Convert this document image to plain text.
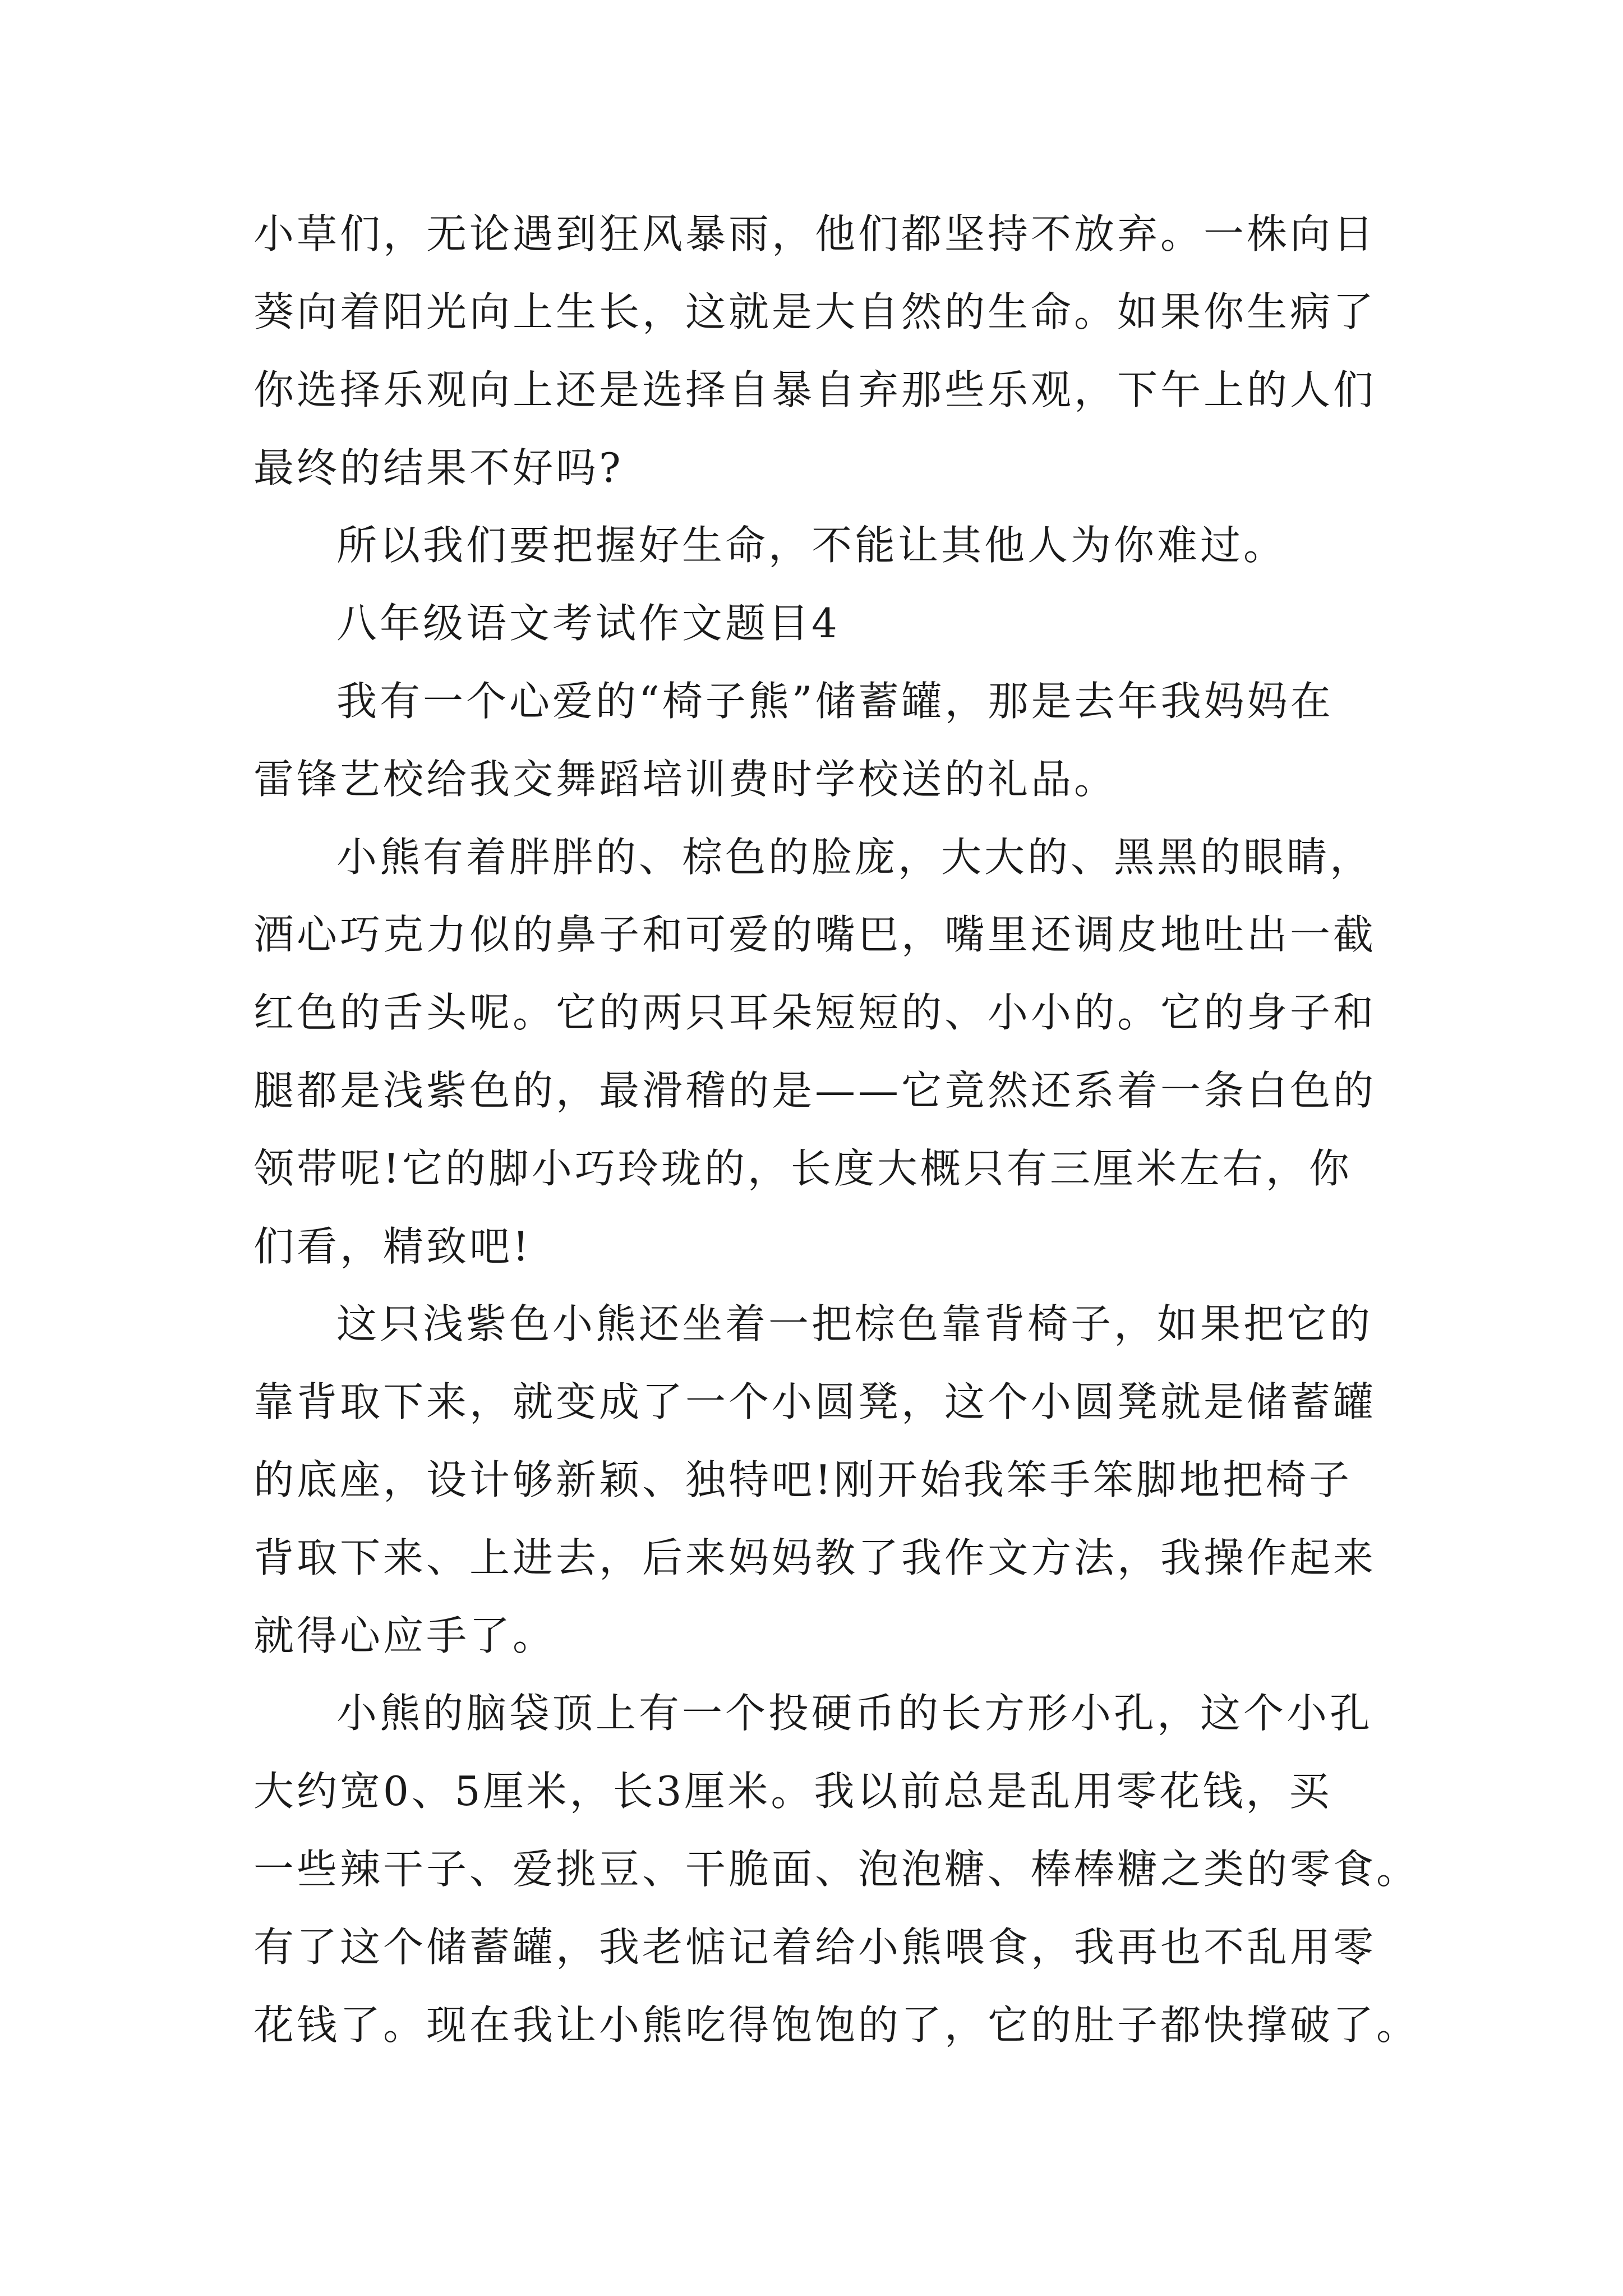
小草们，无论遇到狂风暴雨，他们都坚持不放弃。一株向日

葵向着阳光向上生长，这就是大自然的生命。如果你生病了

你选择乐观向上还是选择自暴自弃那些乐观，下午上的人们

最终的结果不好吗?

所以我们要把握好生命，不能让其他人为你难过。

八年级语文考试作文题目4

我有一个心爱的“椅子熊”储蓄罐，那是去年我妈妈在

雷锋艺校给我交舞蹈培训费时学校送的礼品。

小熊有着胖胖的、棕色的脸庞，大大的、黑黑的眼睛，

酒心巧克力似的鼻子和可爱的嘴巴，嘴里还调皮地吐出一截

红色的舌头呢。它的两只耳朵短短的、小小的。它的身子和

腿都是浅紫色的，最滑稽的是——它竟然还系着一条白色的

领带呢!它的脚小巧玲珑的，长度大概只有三厘米左右，你

们看，精致吧!

这只浅紫色小熊还坐着一把棕色靠背椅子，如果把它的

靠背取下来，就变成了一个小圆凳，这个小圆凳就是储蓄罐

的底座，设计够新颖、独特吧!刚开始我笨手笨脚地把椅子

背取下来、上进去，后来妈妈教了我作文方法，我操作起来

就得心应手了。

小熊的脑袋顶上有一个投硬币的长方形小孔，这个小孔

大约宽0、5厘米，长3厘米。我以前总是乱用零花钱，买

一些辣干子、爱挑豆、干脆面、泡泡糖、棒棒糖之类的零食。

有了这个储蓄罐，我老惦记着给小熊喂食，我再也不乱用零

花钱了。现在我让小熊吃得饱饱的了，它的肚子都快撑破了。
